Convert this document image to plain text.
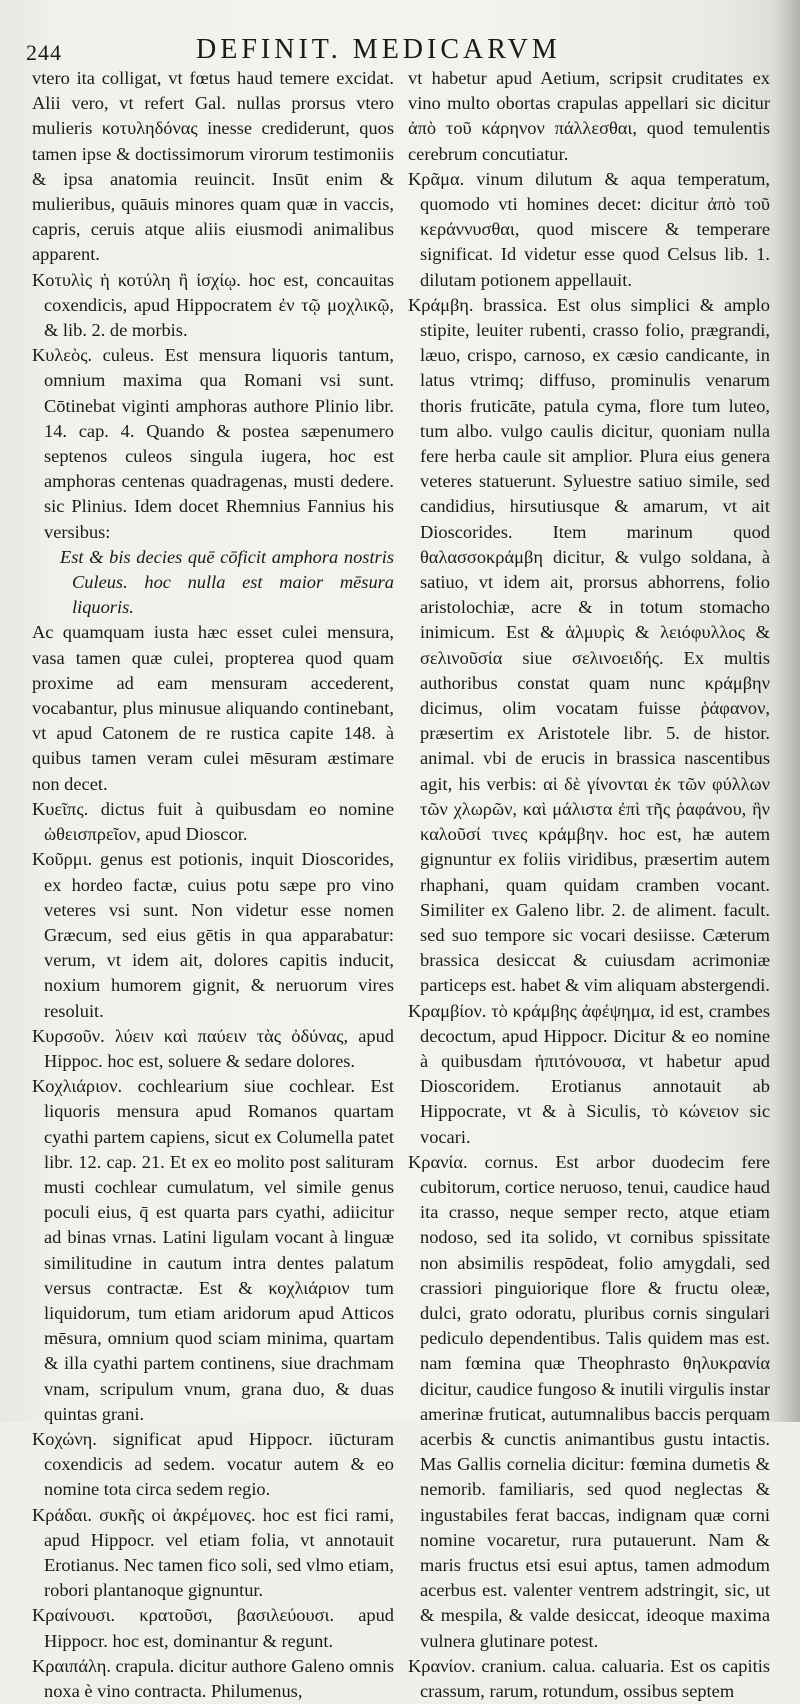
244	DEFINIT. MEDICARVM

vtero ita colligat, vt fœtus haud temere excidat. Alii vero, vt refert Gal. nullas prorsus vtero mulieris κοτυληδόνας inesse crediderunt, quos tamen ipse & doctissimorum virorum testimoniis & ipsa anatomia reuincit. Insūt enim & mulieribus, quāuis minores quam quæ in vaccis, capris, ceruis atque aliis eiusmodi animalibus apparent.

Κοτυλὶς ἡ κοτύλη ἢ ἰσχίῳ. hoc est, concauitas coxendicis, apud Hippocratem ἐν τῷ μοχλικῷ, & lib. 2. de morbis.

Κυλεὸς. culeus. Est mensura liquoris tantum, omnium maxima qua Romani vsi sunt. Cōtinebat viginti amphoras authore Plinio libr. 14. cap. 4. Quando & postea sæpenumero septenos culeos singula iugera, hoc est amphoras centenas quadragenas, musti dedere. sic Plinius. Idem docet Rhemnius Fannius his versibus:

Est & bis decies quē cōficit amphora nostris Culeus. hoc nulla est maior mēsura liquoris.

Ac quamquam iusta hæc esset culei mensura, vasa tamen quæ culei, propterea quod quam proxime ad eam mensuram accederent, vocabantur, plus minusue aliquando continebant, vt apud Catonem de re rustica capite 148. à quibus tamen veram culei mēsuram æstimare non decet.

Κυεῖπς. dictus fuit à quibusdam eo nomine ὠθεισπρεῖον, apud Dioscor.

Κοῦρμι. genus est potionis, inquit Dioscorides, ex hordeo factæ, cuius potu sæpe pro vino veteres vsi sunt. Non videtur esse nomen Græcum, sed eius gētis in qua apparabatur: verum, vt idem ait, dolores capitis inducit, noxium humorem gignit, & neruorum vires resoluit.

Κυρσοῦν. λύειν καὶ παύειν τὰς ὀδύνας, apud Hippoc. hoc est, soluere & sedare dolores.

Κοχλιάριον. cochlearium siue cochlear. Est liquoris mensura apud Romanos quartam cyathi partem capiens, sicut ex Columella patet libr. 12. cap. 21. Et ex eo molito post salituram musti cochlear cumulatum, vel simile genus poculi eius, q̄ est quarta pars cyathi, adiicitur ad binas vrnas. Latini ligulam vocant à linguæ similitudine in cautum intra dentes palatum versus contractæ. Est & κοχλιάριον tum liquidorum, tum etiam aridorum apud Atticos mēsura, omnium quod sciam minima, quartam & illa cyathi partem continens, siue drachmam vnam, scripulum vnum, grana duo, & duas quintas grani.

Κοχώνη. significat apud Hippocr. iūcturam coxendicis ad sedem. vocatur autem & eo nomine tota circa sedem regio.

Κράδαι. συκῆς οἱ ἀκρέμονες. hoc est fici rami, apud Hippocr. vel etiam folia, vt annotauit Erotianus. Nec tamen fico soli, sed vlmo etiam, robori plantanoque gignuntur.

Κραίνουσι. κρατοῦσι, βασιλεύουσι. apud Hippocr. hoc est, dominantur & regunt.

Κραιπάλη. crapula. dicitur authore Galeno omnis noxa è vino contracta. Philumenus,

vt habetur apud Aetium, scripsit cruditates ex vino multo obortas crapulas appellari sic dicitur ἀπὸ τοῦ κάρηνον πάλλεσθαι, quod temulentis cerebrum concutiatur.

Κρᾶμα. vinum dilutum & aqua temperatum, quomodo vti homines decet: dicitur ἀπὸ τοῦ κεράννυσθαι, quod miscere & temperare significat. Id videtur esse quod Celsus lib. 1. dilutam potionem appellauit.

Κράμβη. brassica. Est olus simplici & amplo stipite, leuiter rubenti, crasso folio, prægrandi, læuo, crispo, carnoso, ex cæsio candicante, in latus vtrimq; diffuso, prominulis venarum thoris fruticāte, patula cyma, flore tum luteo, tum albo. vulgo caulis dicitur, quoniam nulla fere herba caule sit amplior. Plura eius genera veteres statuerunt. Syluestre satiuo simile, sed candidius, hirsutiusque & amarum, vt ait Dioscorides. Item marinum quod θαλασσοκράμβη dicitur, & vulgo soldana, à satiuo, vt idem ait, prorsus abhorrens, folio aristolochiæ, acre & in totum stomacho inimicum. Est & ἁλμυρὶς & λειόφυλλος & σελινοῦσία siue σελινοειδής. Ex multis authoribus constat quam nunc κράμβην dicimus, olim vocatam fuisse ῥάφανον, præsertim ex Aristotele libr. 5. de histor. animal. vbi de erucis in brassica nascentibus agit, his verbis: αἱ δὲ γίνονται ἐκ τῶν φύλλων τῶν χλωρῶν, καὶ μάλιστα ἐπὶ τῆς ῥαφάνου, ἣν καλοῦσί τινες κράμβην. hoc est, hæ autem gignuntur ex foliis viridibus, præsertim autem rhaphani, quam quidam cramben vocant. Similiter ex Galeno libr. 2. de aliment. facult. sed suo tempore sic vocari desiisse. Cæterum brassica desiccat & cuiusdam acrimoniæ particeps est. habet & vim aliquam abstergendi.

Κραμβίον. τὸ κράμβης ἀφέψημα, id est, crambes decoctum, apud Hippocr. Dicitur & eo nomine à quibusdam ἠπιτόνουσα, vt habetur apud Dioscoridem. Erotianus annotauit ab Hippocrate, vt & à Siculis, τὸ κώνειον sic vocari.

Κρανία. cornus. Est arbor duodecim fere cubitorum, cortice neruoso, tenui, caudice haud ita crasso, neque semper recto, atque etiam nodoso, sed ita solido, vt cornibus spissitate non absimilis respōdeat, folio amygdali, sed crassiori pinguiorique flore & fructu oleæ, dulci, grato odoratu, pluribus cornis singulari pediculo dependentibus. Talis quidem mas est. nam fœmina quæ Theophrasto θηλυκρανία dicitur, caudice fungoso & inutili virgulis instar amerinæ fruticat, autumnalibus baccis perquam acerbis & cunctis animantibus gustu intactis. Mas Gallis cornelia dicitur: fœmina dumetis & nemorib. familiaris, sed quod neglectas & ingustabiles ferat baccas, indignam quæ corni nomine vocaretur, rura putauerunt. Nam & maris fructus etsi esui aptus, tamen admodum acerbus est. valenter ventrem adstringit, sic, ut & mespila, & valde desiccat, ideoque maxima vulnera glutinare potest.

Κρανίον. cranium. calua. caluaria. Est os capitis crassum, rarum, rotundum, ossibus septem
